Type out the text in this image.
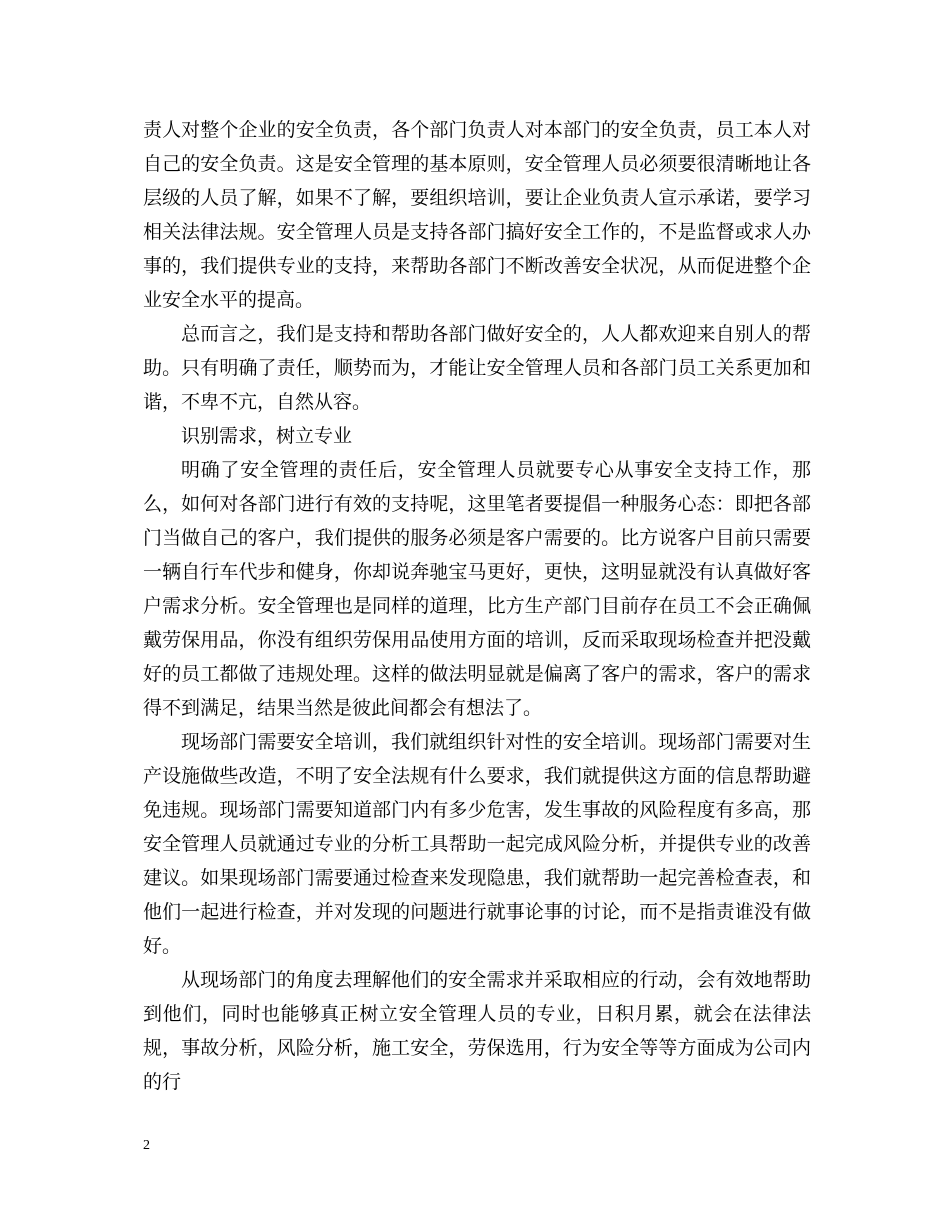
责人对整个企业的安全负责，各个部门负责人对本部门的安全负责，员工本人对自己的安全负责。这是安全管理的基本原则，安全管理人员必须要很清晰地让各层级的人员了解，如果不了解，要组织培训，要让企业负责人宣示承诺，要学习相关法律法规。安全管理人员是支持各部门搞好安全工作的，不是监督或求人办事的，我们提供专业的支持，来帮助各部门不断改善安全状况，从而促进整个企业安全水平的提高。

总而言之，我们是支持和帮助各部门做好安全的，人人都欢迎来自别人的帮助。只有明确了责任，顺势而为，才能让安全管理人员和各部门员工关系更加和谐，不卑不亢，自然从容。

识别需求，树立专业

明确了安全管理的责任后，安全管理人员就要专心从事安全支持工作，那么，如何对各部门进行有效的支持呢，这里笔者要提倡一种服务心态：即把各部门当做自己的客户，我们提供的服务必须是客户需要的。比方说客户目前只需要一辆自行车代步和健身，你却说奔驰宝马更好，更快，这明显就没有认真做好客户需求分析。安全管理也是同样的道理，比方生产部门目前存在员工不会正确佩戴劳保用品，你没有组织劳保用品使用方面的培训，反而采取现场检查并把没戴好的员工都做了违规处理。这样的做法明显就是偏离了客户的需求，客户的需求得不到满足，结果当然是彼此间都会有想法了。

现场部门需要安全培训，我们就组织针对性的安全培训。现场部门需要对生产设施做些改造，不明了安全法规有什么要求，我们就提供这方面的信息帮助避免违规。现场部门需要知道部门内有多少危害，发生事故的风险程度有多高，那安全管理人员就通过专业的分析工具帮助一起完成风险分析，并提供专业的改善建议。如果现场部门需要通过检查来发现隐患，我们就帮助一起完善检查表，和他们一起进行检查，并对发现的问题进行就事论事的讨论，而不是指责谁没有做好。

从现场部门的角度去理解他们的安全需求并采取相应的行动，会有效地帮助到他们，同时也能够真正树立安全管理人员的专业，日积月累，就会在法律法规，事故分析，风险分析，施工安全，劳保选用，行为安全等等方面成为公司内的行

2
